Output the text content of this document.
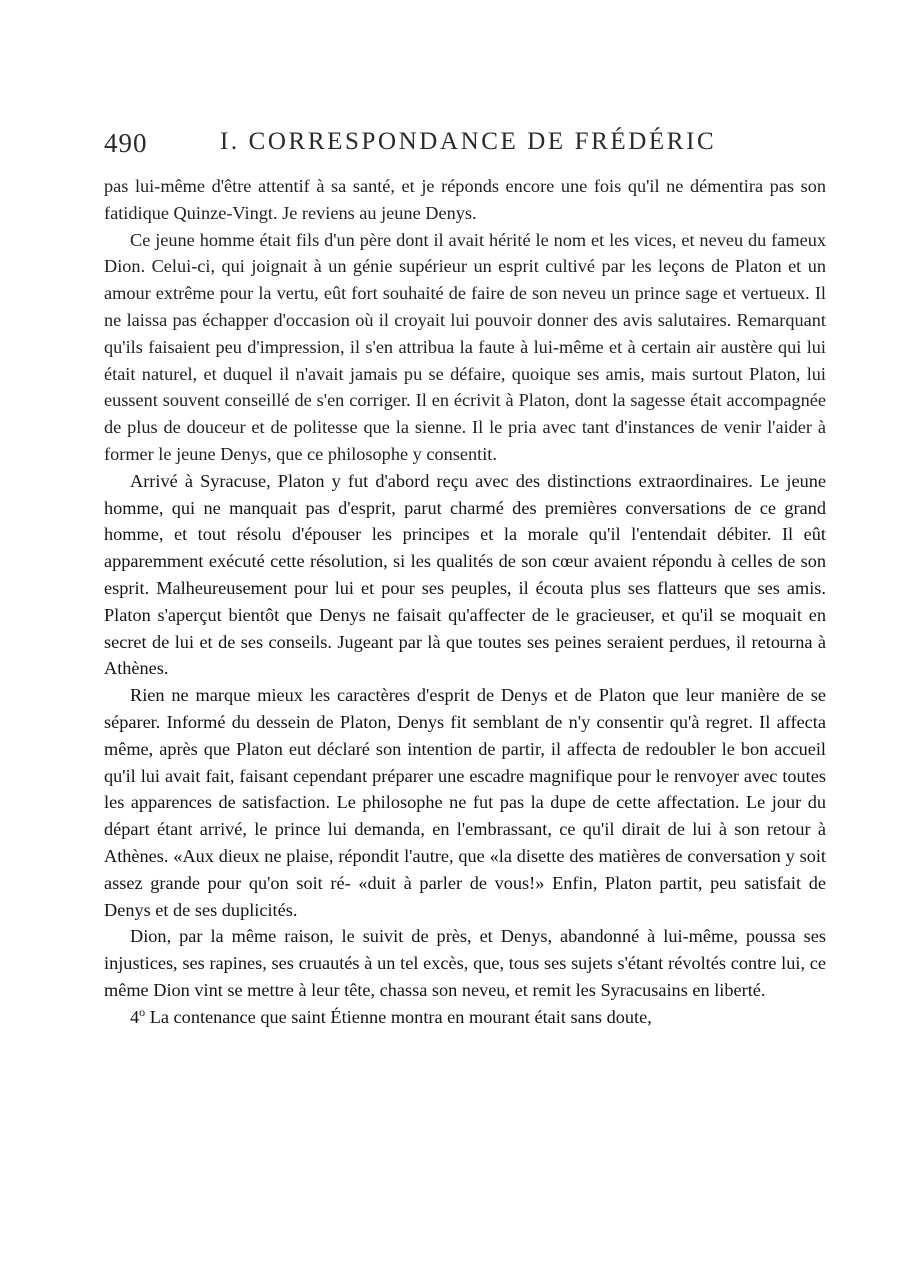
490	I. CORRESPONDANCE DE FRÉDÉRIC

pas lui-même d'être attentif à sa santé, et je réponds encore une fois qu'il ne démentira pas son fatidique Quinze-Vingt. Je reviens au jeune Denys.

Ce jeune homme était fils d'un père dont il avait hérité le nom et les vices, et neveu du fameux Dion. Celui-ci, qui joignait à un génie supérieur un esprit cultivé par les leçons de Platon et un amour extrême pour la vertu, eût fort souhaité de faire de son neveu un prince sage et vertueux. Il ne laissa pas échapper d'occasion où il croyait lui pouvoir donner des avis salutaires. Remarquant qu'ils faisaient peu d'impression, il s'en attribua la faute à lui-même et à certain air austère qui lui était naturel, et duquel il n'avait jamais pu se défaire, quoique ses amis, mais surtout Platon, lui eussent souvent conseillé de s'en corriger. Il en écrivit à Platon, dont la sagesse était accompagnée de plus de douceur et de politesse que la sienne. Il le pria avec tant d'instances de venir l'aider à former le jeune Denys, que ce philosophe y consentit.

Arrivé à Syracuse, Platon y fut d'abord reçu avec des distinctions extraordinaires. Le jeune homme, qui ne manquait pas d'esprit, parut charmé des premières conversations de ce grand homme, et tout résolu d'épouser les principes et la morale qu'il l'entendait débiter. Il eût apparemment exécuté cette résolution, si les qualités de son cœur avaient répondu à celles de son esprit. Malheureusement pour lui et pour ses peuples, il écouta plus ses flatteurs que ses amis. Platon s'aperçut bientôt que Denys ne faisait qu'affecter de le gracieuser, et qu'il se moquait en secret de lui et de ses conseils. Jugeant par là que toutes ses peines seraient perdues, il retourna à Athènes.

Rien ne marque mieux les caractères d'esprit de Denys et de Platon que leur manière de se séparer. Informé du dessein de Platon, Denys fit semblant de n'y consentir qu'à regret. Il affecta même, après que Platon eut déclaré son intention de partir, il affecta de redoubler le bon accueil qu'il lui avait fait, faisant cependant préparer une escadre magnifique pour le renvoyer avec toutes les apparences de satisfaction. Le philosophe ne fut pas la dupe de cette affectation. Le jour du départ étant arrivé, le prince lui demanda, en l'embrassant, ce qu'il dirait de lui à son retour à Athènes. «Aux dieux ne plaise, répondit l'autre, que «la disette des matières de conversation y soit assez grande pour qu'on soit ré- «duit à parler de vous!» Enfin, Platon partit, peu satisfait de Denys et de ses duplicités.

Dion, par la même raison, le suivit de près, et Denys, abandonné à lui-même, poussa ses injustices, ses rapines, ses cruautés à un tel excès, que, tous ses sujets s'étant révoltés contre lui, ce même Dion vint se mettre à leur tête, chassa son neveu, et remit les Syracusains en liberté.

4$^o$ La contenance que saint Étienne montra en mourant était sans doute,
